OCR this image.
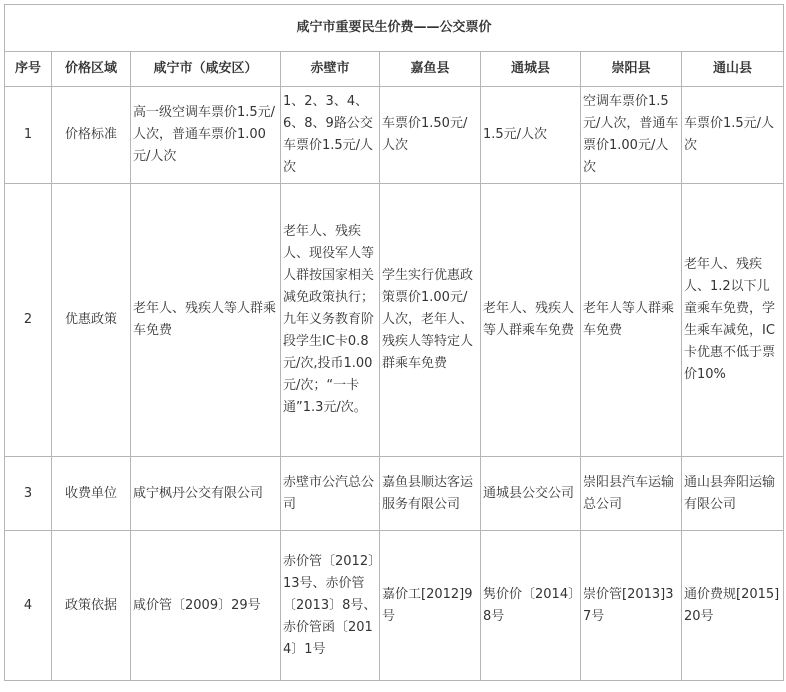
咸宁市重要民生价费——公交票价							
序号	价格区域	咸宁市（咸安区）	赤壁市	嘉鱼县	通城县	崇阳县	通山县
1	价格标准	高一级空调车票价1.5元/人次，普通车票价1.00元/人次	1、2、3、4、6、8、9路公交车票价1.5元/人次	车票价1.50元/人次	1.5元/人次	空调车票价1.5元/人次，普通车票价1.00元/人次	车票价1.5元/人次
2	优惠政策	老年人、残疾人等人群乘车免费	老年人、残疾人、现役军人等人群按国家相关减免政策执行；九年义务教育阶段学生IC卡0.8元/次,投币1.00元/次；“一卡通”1.3元/次。	学生实行优惠政策票价1.00元/人次，老年人、残疾人等特定人群乘车免费	老年人、残疾人等人群乘车免费	老年人等人群乘车免费	老年人、残疾人、1.2以下儿童乘车免费，学生乘车减免，IC卡优惠不低于票价10%
3	收费单位	咸宁枫丹公交有限公司	赤壁市公汽总公司	嘉鱼县顺达客运服务有限公司	通城县公交公司	崇阳县汽车运输总公司	通山县奔阳运输有限公司
4	政策依据	咸价管〔2009〕29号	赤价管〔2012〕13号、赤价管〔2013〕8号、赤价管函〔2014〕1号	嘉价工[2012]9号	隽价价〔2014〕8号	崇价管[2013]37号	通价费规[2015]20号
